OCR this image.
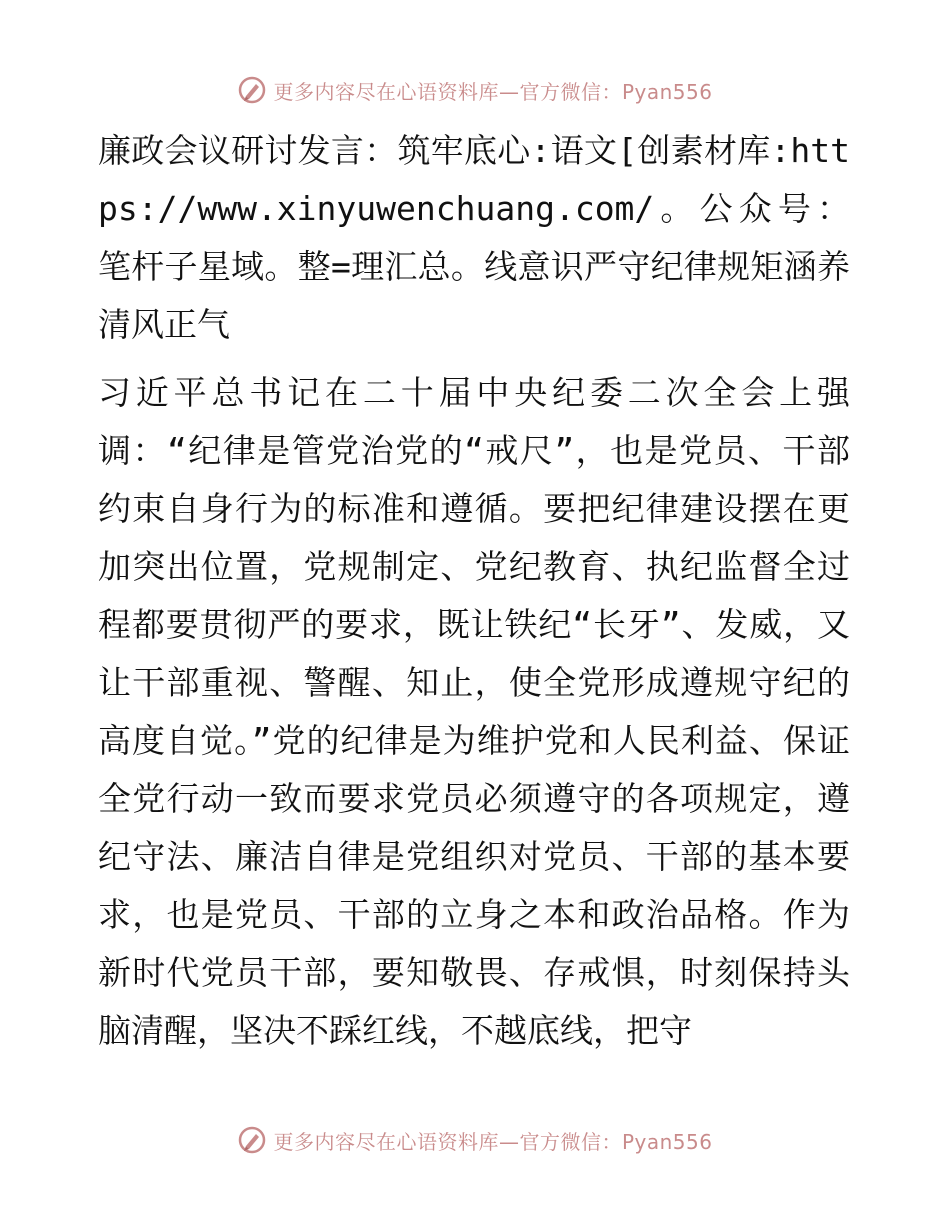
更多内容尽在心语资料库—官方微信：Pyan556

廉政会议研讨发言：筑牢底心:语文[创素材库:https://www.xinyuwenchuang.com/。公众号：笔杆子星域。整=理汇总。线意识严守纪律规矩涵养清风正气

习近平总书记在二十届中央纪委二次全会上强调：“纪律是管党治党的“戒尺”，也是党员、干部约束自身行为的标准和遵循。要把纪律建设摆在更加突出位置，党规制定、党纪教育、执纪监督全过程都要贯彻严的要求，既让铁纪“长牙”、发威，又让干部重视、警醒、知止，使全党形成遵规守纪的高度自觉。”党的纪律是为维护党和人民利益、保证全党行动一致而要求党员必须遵守的各项规定，遵纪守法、廉洁自律是党组织对党员、干部的基本要求，也是党员、干部的立身之本和政治品格。作为新时代党员干部，要知敬畏、存戒惧，时刻保持头脑清醒，坚决不踩红线，不越底线，把守

更多内容尽在心语资料库—官方微信：Pyan556
